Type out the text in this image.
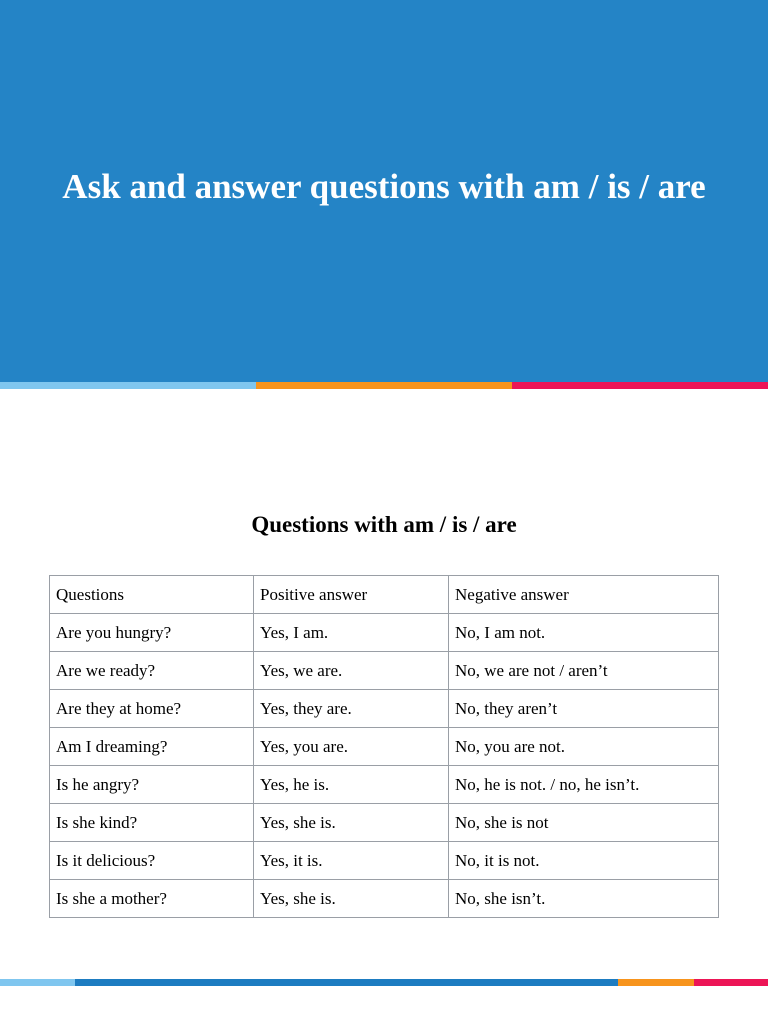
Ask and answer questions with am / is / are
Questions with am / is / are
Questions	Positive answer	Negative answer
Are you hungry?	Yes, I am.	No, I am not.
Are we ready?	Yes, we are.	No, we are not / aren’t
Are they at home?	Yes, they are.	No, they aren’t
Am I dreaming?	Yes, you are.	No, you are not.
Is he angry?	Yes, he is.	No, he is not. / no, he isn’t.
Is she kind?	Yes, she is.	No, she is not
Is it delicious?	Yes, it is.	No, it is not.
Is she a mother?	Yes, she is.	No, she isn’t.
